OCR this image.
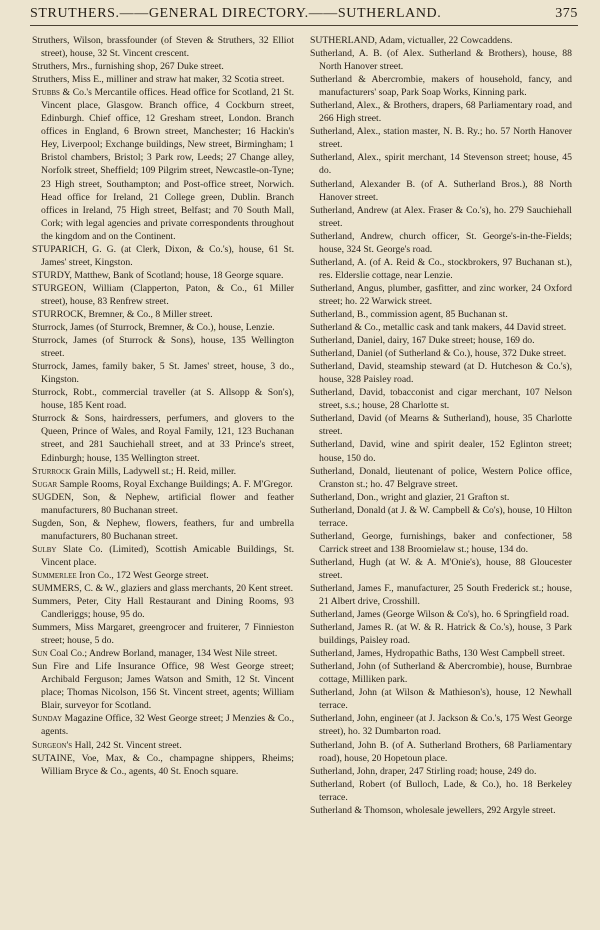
STRUTHERS.——GENERAL DIRECTORY.——SUTHERLAND.	375

Struthers, Wilson, brassfounder (of Steven & Struthers, 32 Elliot street), house, 32 St. Vincent crescent.

Struthers, Mrs., furnishing shop, 267 Duke street.

Struthers, Miss E., milliner and straw hat maker, 32 Scotia street.

Stubbs & Co.'s Mercantile offices. Head office for Scotland, 21 St. Vincent place, Glasgow. Branch office, 4 Cockburn street, Edinburgh. Chief office, 12 Gresham street, London. Branch offices in England, 6 Brown street, Manchester; 16 Hackin's Hey, Liverpool; Exchange buildings, New street, Birmingham; 1 Bristol chambers, Bristol; 3 Park row, Leeds; 27 Change alley, Norfolk street, Sheffield; 109 Pilgrim street, Newcastle-on-Tyne; 23 High street, Southampton; and Post-office street, Norwich. Head office for Ireland, 21 College green, Dublin. Branch offices in Ireland, 75 High street, Belfast; and 70 South Mall, Cork; with legal agencies and private correspondents throughout the kingdom and on the Continent.

STUPARICH, G. G. (at Clerk, Dixon, & Co.'s), house, 61 St. James' street, Kingston.

STURDY, Matthew, Bank of Scotland; house, 18 George square.

STURGEON, William (Clapperton, Paton, & Co., 61 Miller street), house, 83 Renfrew street.

STURROCK, Bremner, & Co., 8 Miller street.

Sturrock, James (of Sturrock, Bremner, & Co.), house, Lenzie.

Sturrock, James (of Sturrock & Sons), house, 135 Wellington street.

Sturrock, James, family baker, 5 St. James' street, house, 3 do., Kingston.

Sturrock, Robt., commercial traveller (at S. Allsopp & Son's), house, 185 Kent road.

Sturrock & Sons, hairdressers, perfumers, and glovers to the Queen, Prince of Wales, and Royal Family, 121, 123 Buchanan street, and 281 Sauchiehall street, and at 33 Prince's street, Edinburgh; house, 135 Wellington street.

Sturrock Grain Mills, Ladywell st.; H. Reid, miller.

Sugar Sample Rooms, Royal Exchange Buildings; A. F. M'Gregor.

SUGDEN, Son, & Nephew, artificial flower and feather manufacturers, 80 Buchanan street.

Sugden, Son, & Nephew, flowers, feathers, fur and umbrella manufacturers, 80 Buchanan street.

Sulby Slate Co. (Limited), Scottish Amicable Buildings, St. Vincent place.

Summerlee Iron Co., 172 West George street.

SUMMERS, C. & W., glaziers and glass merchants, 20 Kent street.

Summers, Peter, City Hall Restaurant and Dining Rooms, 93 Candleriggs; house, 95 do.

Summers, Miss Margaret, greengrocer and fruiterer, 7 Finnieston street; house, 5 do.

Sun Coal Co.; Andrew Borland, manager, 134 West Nile street.

Sun Fire and Life Insurance Office, 98 West George street; Archibald Ferguson; James Watson and Smith, 12 St. Vincent place; Thomas Nicolson, 156 St. Vincent street, agents; William Blair, surveyor for Scotland.

Sunday Magazine Office, 32 West George street; J Menzies & Co., agents.

Surgeon's Hall, 242 St. Vincent street.

SUTAINE, Voe, Max, & Co., champagne shippers, Rheims; William Bryce & Co., agents, 40 St. Enoch square.

SUTHERLAND, Adam, victualler, 22 Cowcaddens.

Sutherland, A. B. (of Alex. Sutherland & Brothers), house, 88 North Hanover street.

Sutherland & Abercrombie, makers of household, fancy, and manufacturers' soap, Park Soap Works, Kinning park.

Sutherland, Alex., & Brothers, drapers, 68 Parliamentary road, and 266 High street.

Sutherland, Alex., station master, N. B. Ry.; ho. 57 North Hanover street.

Sutherland, Alex., spirit merchant, 14 Stevenson street; house, 45 do.

Sutherland, Alexander B. (of A. Sutherland Bros.), 88 North Hanover street.

Sutherland, Andrew (at Alex. Fraser & Co.'s), ho. 279 Sauchiehall street.

Sutherland, Andrew, church officer, St. George's-in-the-Fields; house, 324 St. George's road.

Sutherland, A. (of A. Reid & Co., stockbrokers, 97 Buchanan st.), res. Elderslie cottage, near Lenzie.

Sutherland, Angus, plumber, gasfitter, and zinc worker, 24 Oxford street; ho. 22 Warwick street.

Sutherland, B., commission agent, 85 Buchanan st.

Sutherland & Co., metallic cask and tank makers, 44 David street.

Sutherland, Daniel, dairy, 167 Duke street; house, 169 do.

Sutherland, Daniel (of Sutherland & Co.), house, 372 Duke street.

Sutherland, David, steamship steward (at D. Hutcheson & Co.'s), house, 328 Paisley road.

Sutherland, David, tobacconist and cigar merchant, 107 Nelson street, s.s.; house, 28 Charlotte st.

Sutherland, David (of Mearns & Sutherland), house, 35 Charlotte street.

Sutherland, David, wine and spirit dealer, 152 Eglinton street; house, 150 do.

Sutherland, Donald, lieutenant of police, Western Police office, Cranston st.; ho. 47 Belgrave street.

Sutherland, Don., wright and glazier, 21 Grafton st.

Sutherland, Donald (at J. & W. Campbell & Co's), house, 10 Hilton terrace.

Sutherland, George, furnishings, baker and confectioner, 58 Carrick street and 138 Broomielaw st.; house, 134 do.

Sutherland, Hugh (at W. & A. M'Onie's), house, 88 Gloucester street.

Sutherland, James F., manufacturer, 25 South Frederick st.; house, 21 Albert drive, Crosshill.

Sutherland, James (George Wilson & Co's), ho. 6 Springfield road.

Sutherland, James R. (at W. & R. Hatrick & Co.'s), house, 3 Park buildings, Paisley road.

Sutherland, James, Hydropathic Baths, 130 West Campbell street.

Sutherland, John (of Sutherland & Abercrombie), house, Burnbrae cottage, Milliken park.

Sutherland, John (at Wilson & Mathieson's), house, 12 Newhall terrace.

Sutherland, John, engineer (at J. Jackson & Co.'s, 175 West George street), ho. 32 Dumbarton road.

Sutherland, John B. (of A. Sutherland Brothers, 68 Parliamentary road), house, 20 Hopetoun place.

Sutherland, John, draper, 247 Stirling road; house, 249 do.

Sutherland, Robert (of Bulloch, Lade, & Co.), ho. 18 Berkeley terrace.

Sutherland & Thomson, wholesale jewellers, 292 Argyle street.
